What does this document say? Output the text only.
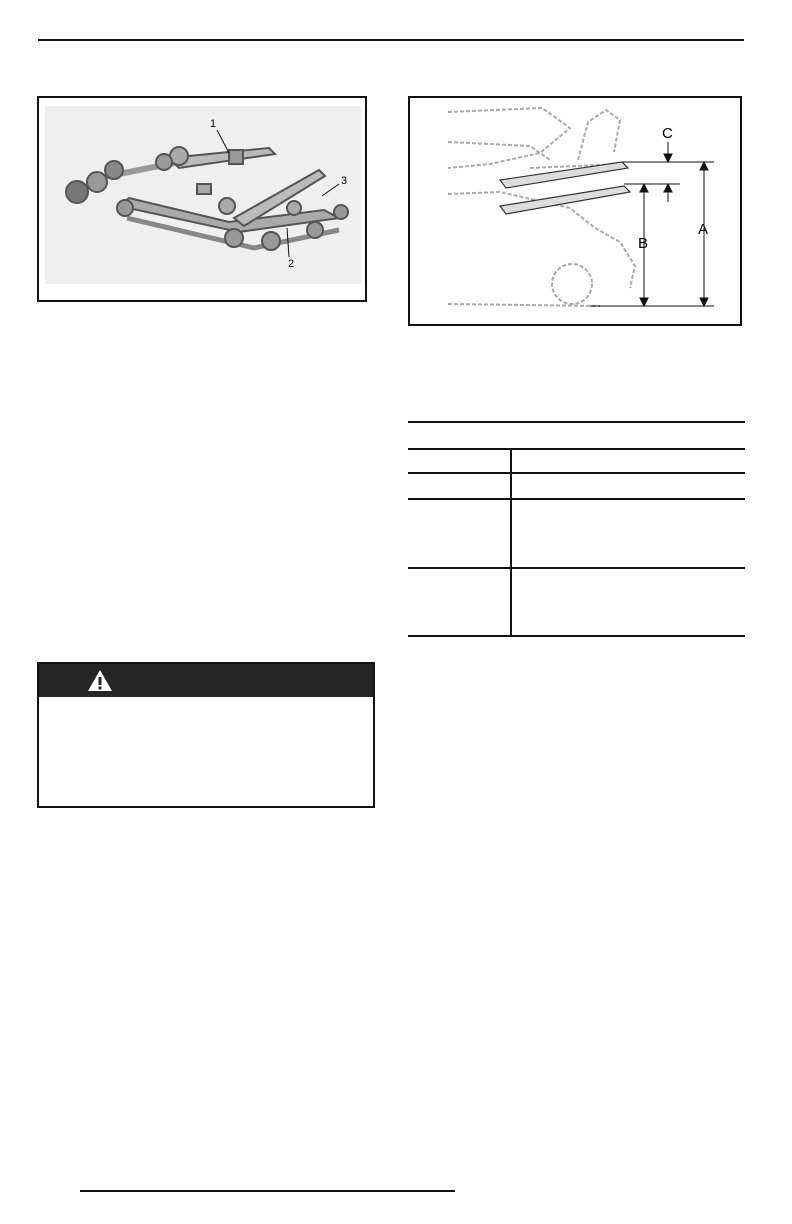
1
2
3
C
B
A
